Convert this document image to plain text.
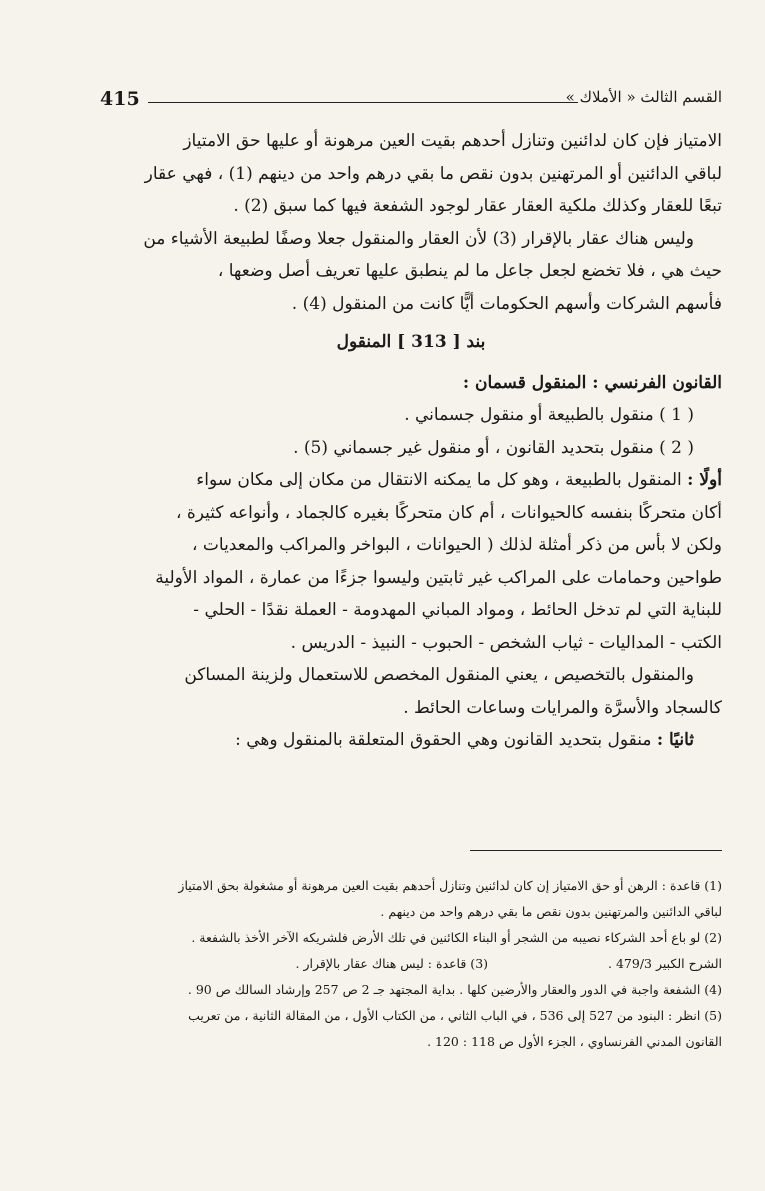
415	القسم الثالث « الأملاك »

الامتياز فإن كان لدائنين وتنازل أحدهم بقيت العين مرهونة أو عليها حق الامتياز

لباقي الدائنين أو المرتهنين بدون نقص ما بقي درهم واحد من دينهم (1) ، فهي عقار

تبعًا للعقار وكذلك ملكية العقار عقار لوجود الشفعة فيها كما سبق (2) .

وليس هناك عقار بالإقرار (3) لأن العقار والمنقول جعلا وصفًا لطبيعة الأشياء من

حيث هي ، فلا تخضع لجعل جاعل ما لم ينطبق عليها تعريف أصل وضعها ،

فأسهم الشركات وأسهم الحكومات أيًّا كانت من المنقول (4) .

بند [ 313 ] المنقول

القانون الفرنسي : المنقول قسمان :

( 1 ) منقول بالطبيعة أو منقول جسماني .

( 2 ) منقول بتحديد القانون ، أو منقول غير جسماني (5) .

أولًا : المنقول بالطبيعة ، وهو كل ما يمكنه الانتقال من مكان إلى مكان سواء

أكان متحركًا بنفسه كالحيوانات ، أم كان متحركًا بغيره كالجماد ، وأنواعه كثيرة ،

ولكن لا بأس من ذكر أمثلة لذلك ( الحيوانات ، البواخر والمراكب والمعديات ،

طواحين وحمامات على المراكب غير ثابتين وليسوا جزءًا من عمارة ، المواد الأولية

للبناية التي لم تدخل الحائط ، ومواد المباني المهدومة - العملة نقدًا - الحلي -

الكتب - المداليات - ثياب الشخص - الحبوب - النبيذ - الدريس .

والمنقول بالتخصيص ، يعني المنقول المخصص للاستعمال ولزينة المساكن

كالسجاد والأسرَّة والمرايات وساعات الحائط .

ثانيًا : منقول بتحديد القانون وهي الحقوق المتعلقة بالمنقول وهي :

(1) قاعدة : الرهن أو حق الامتياز إن كان لدائنين وتنازل أحدهم بقيت العين مرهونة أو مشغولة بحق الامتياز

لباقي الدائنين والمرتهنين بدون نقص ما بقي درهم واحد من دينهم .

(2) لو باع أحد الشركاء نصيبه من الشجر أو البناء الكائنين في تلك الأرض فلشريكه الآخر الأخذ بالشفعة .

الشرح الكبير 479/3 .
(3) قاعدة : ليس هناك عقار بالإقرار .

(4) الشفعة واجبة في الدور والعقار والأرضين كلها . بداية المجتهد جـ 2 ص 257 وإرشاد السالك ص 90 .

(5) انظر : البنود من 527 إلى 536 ، في الباب الثاني ، من الكتاب الأول ، من المقالة الثانية ، من تعريب

القانون المدني الفرنساوي ، الجزء الأول ص 118 : 120 .
